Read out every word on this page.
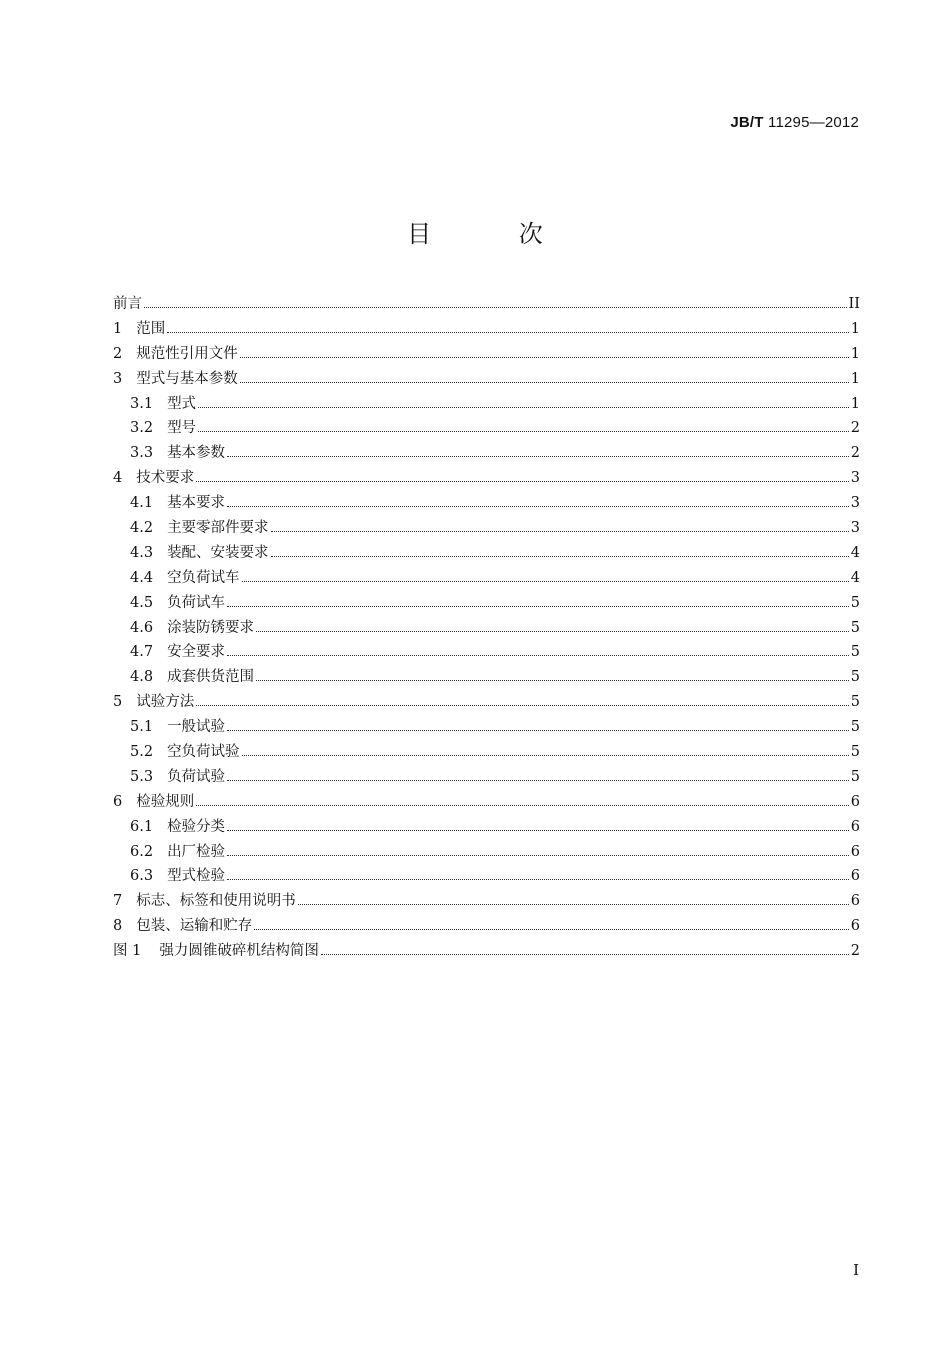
JB/T 11295—2012
目 次
前言	II
1 范围	1
2 规范性引用文件	1
3 型式与基本参数	1
3.1 型式	1
3.2 型号	2
3.3 基本参数	2
4 技术要求	3
4.1 基本要求	3
4.2 主要零部件要求	3
4.3 装配、安装要求	4
4.4 空负荷试车	4
4.5 负荷试车	5
4.6 涂装防锈要求	5
4.7 安全要求	5
4.8 成套供货范围	5
5 试验方法	5
5.1 一般试验	5
5.2 空负荷试验	5
5.3 负荷试验	5
6 检验规则	6
6.1 检验分类	6
6.2 出厂检验	6
6.3 型式检验	6
7 标志、标签和使用说明书	6
8 包装、运输和贮存	6
图 1 强力圆锥破碎机结构简图	2
I
